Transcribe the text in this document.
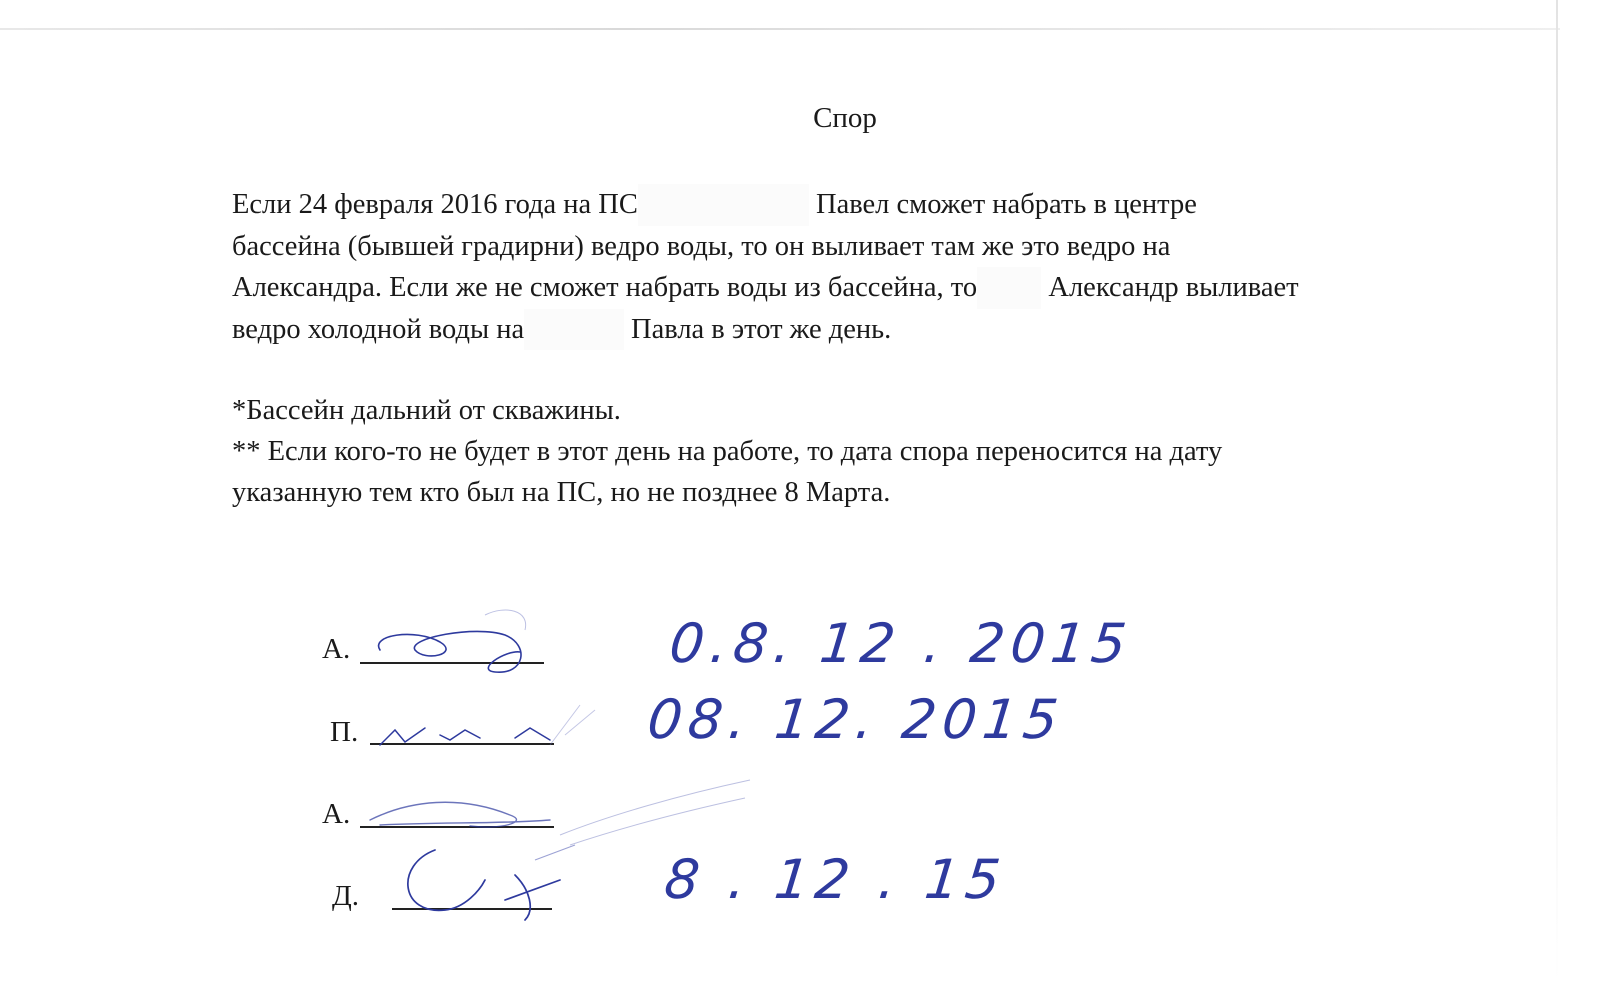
Спор
Если 24 февраля 2016 года на ПС	Павел сможет набрать в центре
бассейна (бывшей градирни) ведро воды, то он выливает там же это ведро на
Александра. Если же не сможет набрать воды из бассейна, то          Александр выливает
ведро холодной воды на	Павла в этот же день.
*Бассейн дальний от скважины.
** Если кого-то не будет в этот день на работе, то дата спора переносится на дату
указанную тем кто был на ПС, но не позднее 8 Марта.
А.	0.8. 12 . 2015
П.	08. 12. 2015
А.
Д.	8 . 12 . 15
